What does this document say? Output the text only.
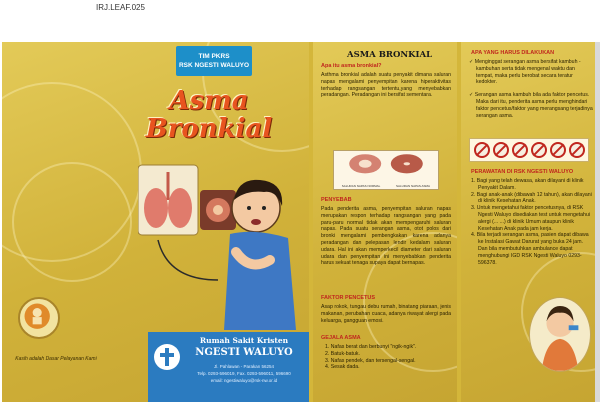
IRJ.LEAF.025
TIM PKRS
RSK NGESTI WALUYO
Asma
Bronkial
Kasih adalah Dasar Pelayanan Kami
Rumah Sakit Kristen
NGESTI WALUYO
Jl. Pahlawan - Parakan 56254
Telp. 0293-596019, Fax. 0293-596011, 596690
email: ngestiwaluyo@rsk-nw.or.id
ASMA BRONKIAL
Apa itu asma bronkial?
Asthma bronkial adalah suatu penyakit dimana saluran napas mengalami penyempitan karena hiperaktivitas terhadap rangsangan tertentu,yang menyebabkan peradangan. Peradangan ini bersifat sementara.
SALURAN NAPAS NORMAL	SALURAN NAPAS ASMA
PENYEBAB
Pada penderita asma, penyempitan saluran napas merupakan respon terhadap rangsangan yang pada paru-paru normal tidak akan mempengaruhi saluran napas. Pada suatu serangan asma, otot polos dari bronki mengalami pembengkakan karena adanya peradangan dan pelepasan lendir kedalam saluran udara. Hal ini akan memperkecil diameter dari saluran udara dan penyempitan ini menyebabkan penderita harus sekuat tenaga supaya dapat bernapas.
FAKTOR PENCETUS
Asap rokok, tungau debu rumah, binatang piaraan, jenis makanan, perubahan cuaca, adanya riwayat alergi pada keluarga, gangguan emosi.
GEJALA ASMA
1. Nafas berat dan berbunyi "ngik-ngik".
2. Batuk-batuk.
3. Nafas pendek, dan tersengal-sengal.
4. Sesak dada.
APA YANG HARUS DILAKUKAN
✓ Menginggat serangan asma bersifat kambuh - kambuhan serta tidak mengenal waktu dan tempat, maka perlu berobat secara teratur kedokter.
✓ Serangan asma kambuh bila ada faktor pencetus. Maka dari itu, penderita asma perlu menghindari faktor pencetus/faktor yang merangsang terjadinya serangan asma.
PERAWATAN DI RSK NGESTI WALUYO
1. Bagi yang telah dewasa, akan dilayani di klinik Penyakit Dalam.
2. Bagi anak-anak (dibawah 12 tahun), akan dilayani di klinik Kesehatan Anak.
3. Untuk mengetahui faktor pencetusnya, di RSK Ngesti Waluyo disediakan test untuk mengetahui alergi (... ...) di klinik Umum ataupun klinik Kesehatan Anak pada jam kerja.
4. Bila terjadi serangan asma, pasien dapat dibawa ke Instalasi Gawat Darurat yang buka 24 jam. Dan bila membutuhkan ambulance dapat menghubungi IGD RSK Ngesti Waluyo 0293-596378.
